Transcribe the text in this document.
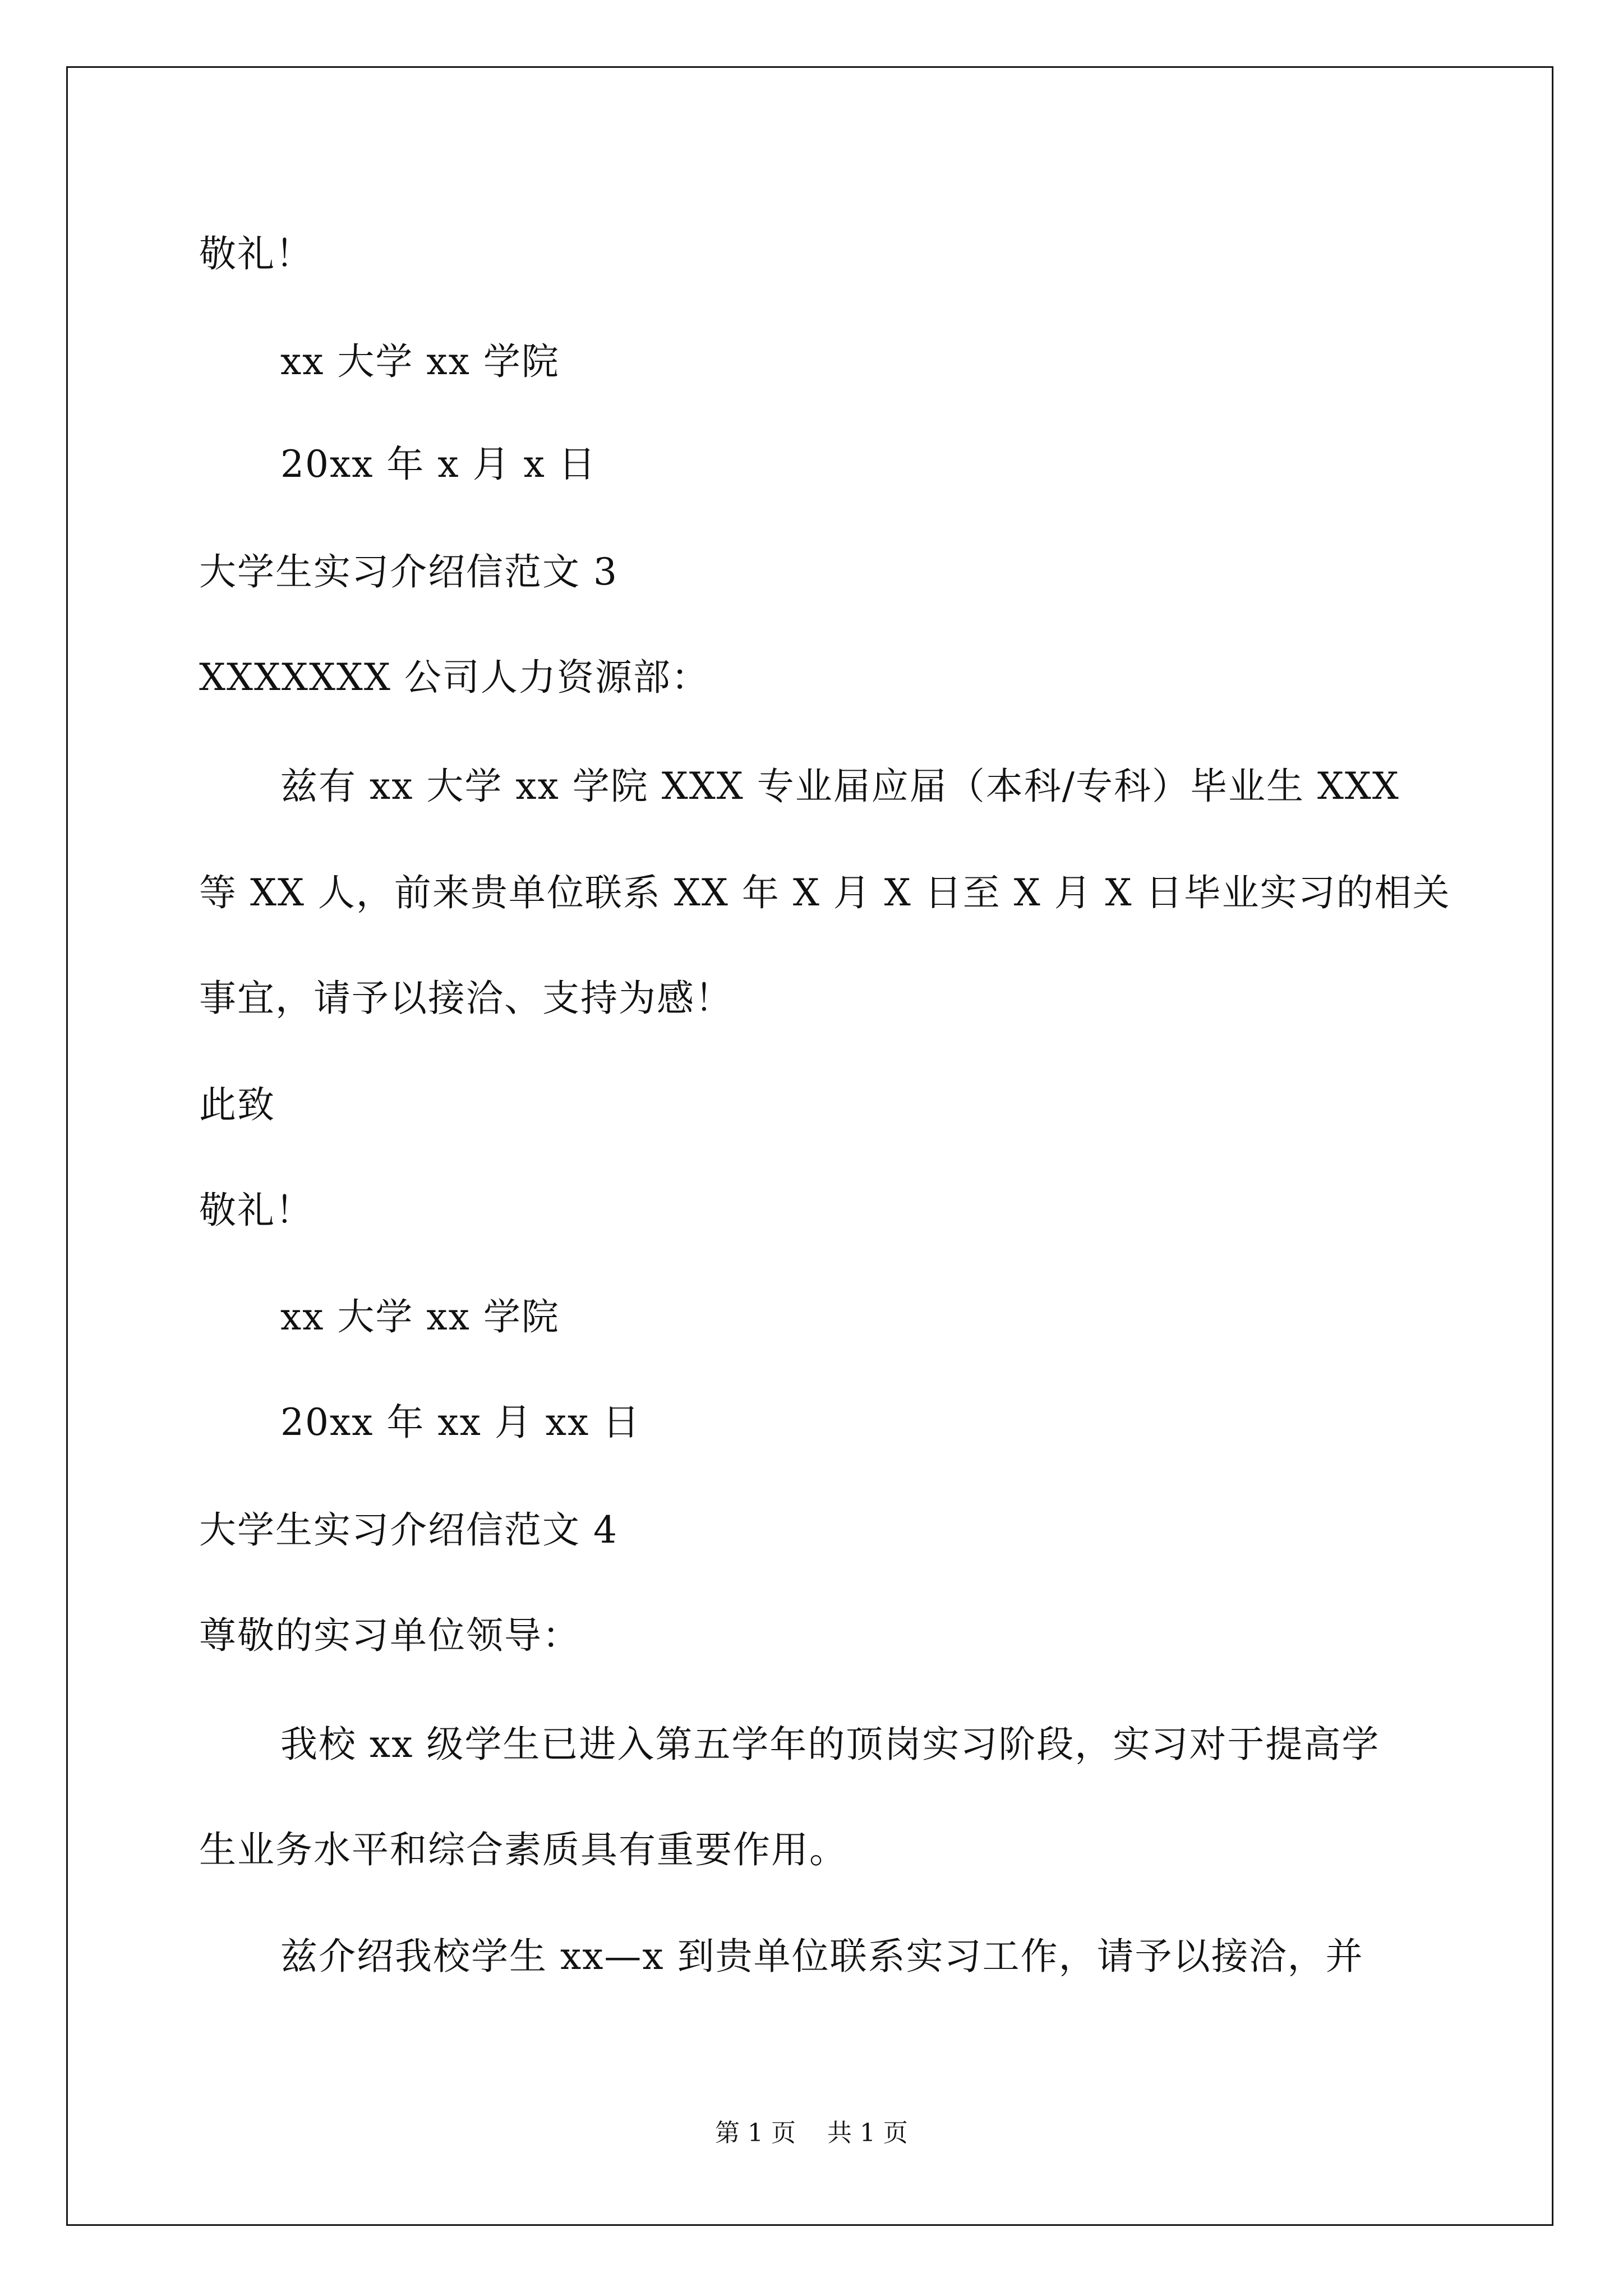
敬礼！
xx 大学 xx 学院
20xx 年 x 月 x 日
大学生实习介绍信范文 3
XXXXXXX 公司人力资源部：
兹有 xx 大学 xx 学院 XXX 专业届应届（本科/专科）毕业生 XXX
等 XX 人，前来贵单位联系 XX 年 X 月 X 日至 X 月 X 日毕业实习的相关
事宜，请予以接洽、支持为感！
此致
敬礼！
xx 大学 xx 学院
20xx 年 xx 月 xx 日
大学生实习介绍信范文 4
尊敬的实习单位领导：
我校 xx 级学生已进入第五学年的顶岗实习阶段，实习对于提高学
生业务水平和综合素质具有重要作用。
兹介绍我校学生 xx—x 到贵单位联系实习工作，请予以接洽，并
第 1 页    共 1 页
